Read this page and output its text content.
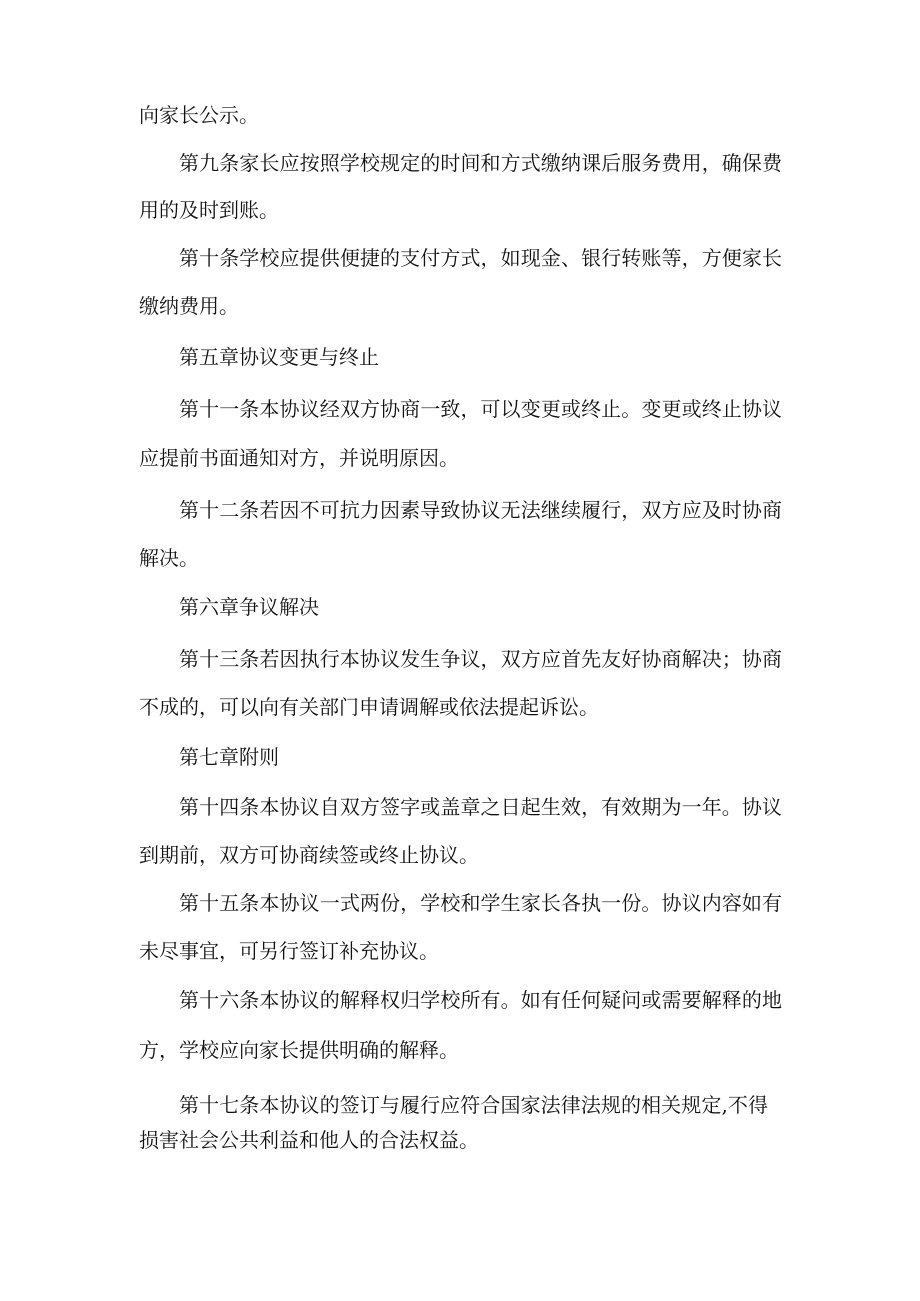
向家长公示。
第九条家长应按照学校规定的时间和方式缴纳课后服务费用，确保费
用的及时到账。
第十条学校应提供便捷的支付方式，如现金、银行转账等，方便家长
缴纳费用。
第五章协议变更与终止
第十一条本协议经双方协商一致，可以变更或终止。变更或终止协议
应提前书面通知对方，并说明原因。
第十二条若因不可抗力因素导致协议无法继续履行，双方应及时协商
解决。
第六章争议解决
第十三条若因执行本协议发生争议，双方应首先友好协商解决；协商
不成的，可以向有关部门申请调解或依法提起诉讼。
第七章附则
第十四条本协议自双方签字或盖章之日起生效，有效期为一年。协议
到期前，双方可协商续签或终止协议。
第十五条本协议一式两份，学校和学生家长各执一份。协议内容如有
未尽事宜，可另行签订补充协议。
第十六条本协议的解释权归学校所有。如有任何疑问或需要解释的地
方，学校应向家长提供明确的解释。
第十七条本协议的签订与履行应符合国家法律法规的相关规定,不得
损害社会公共利益和他人的合法权益。
